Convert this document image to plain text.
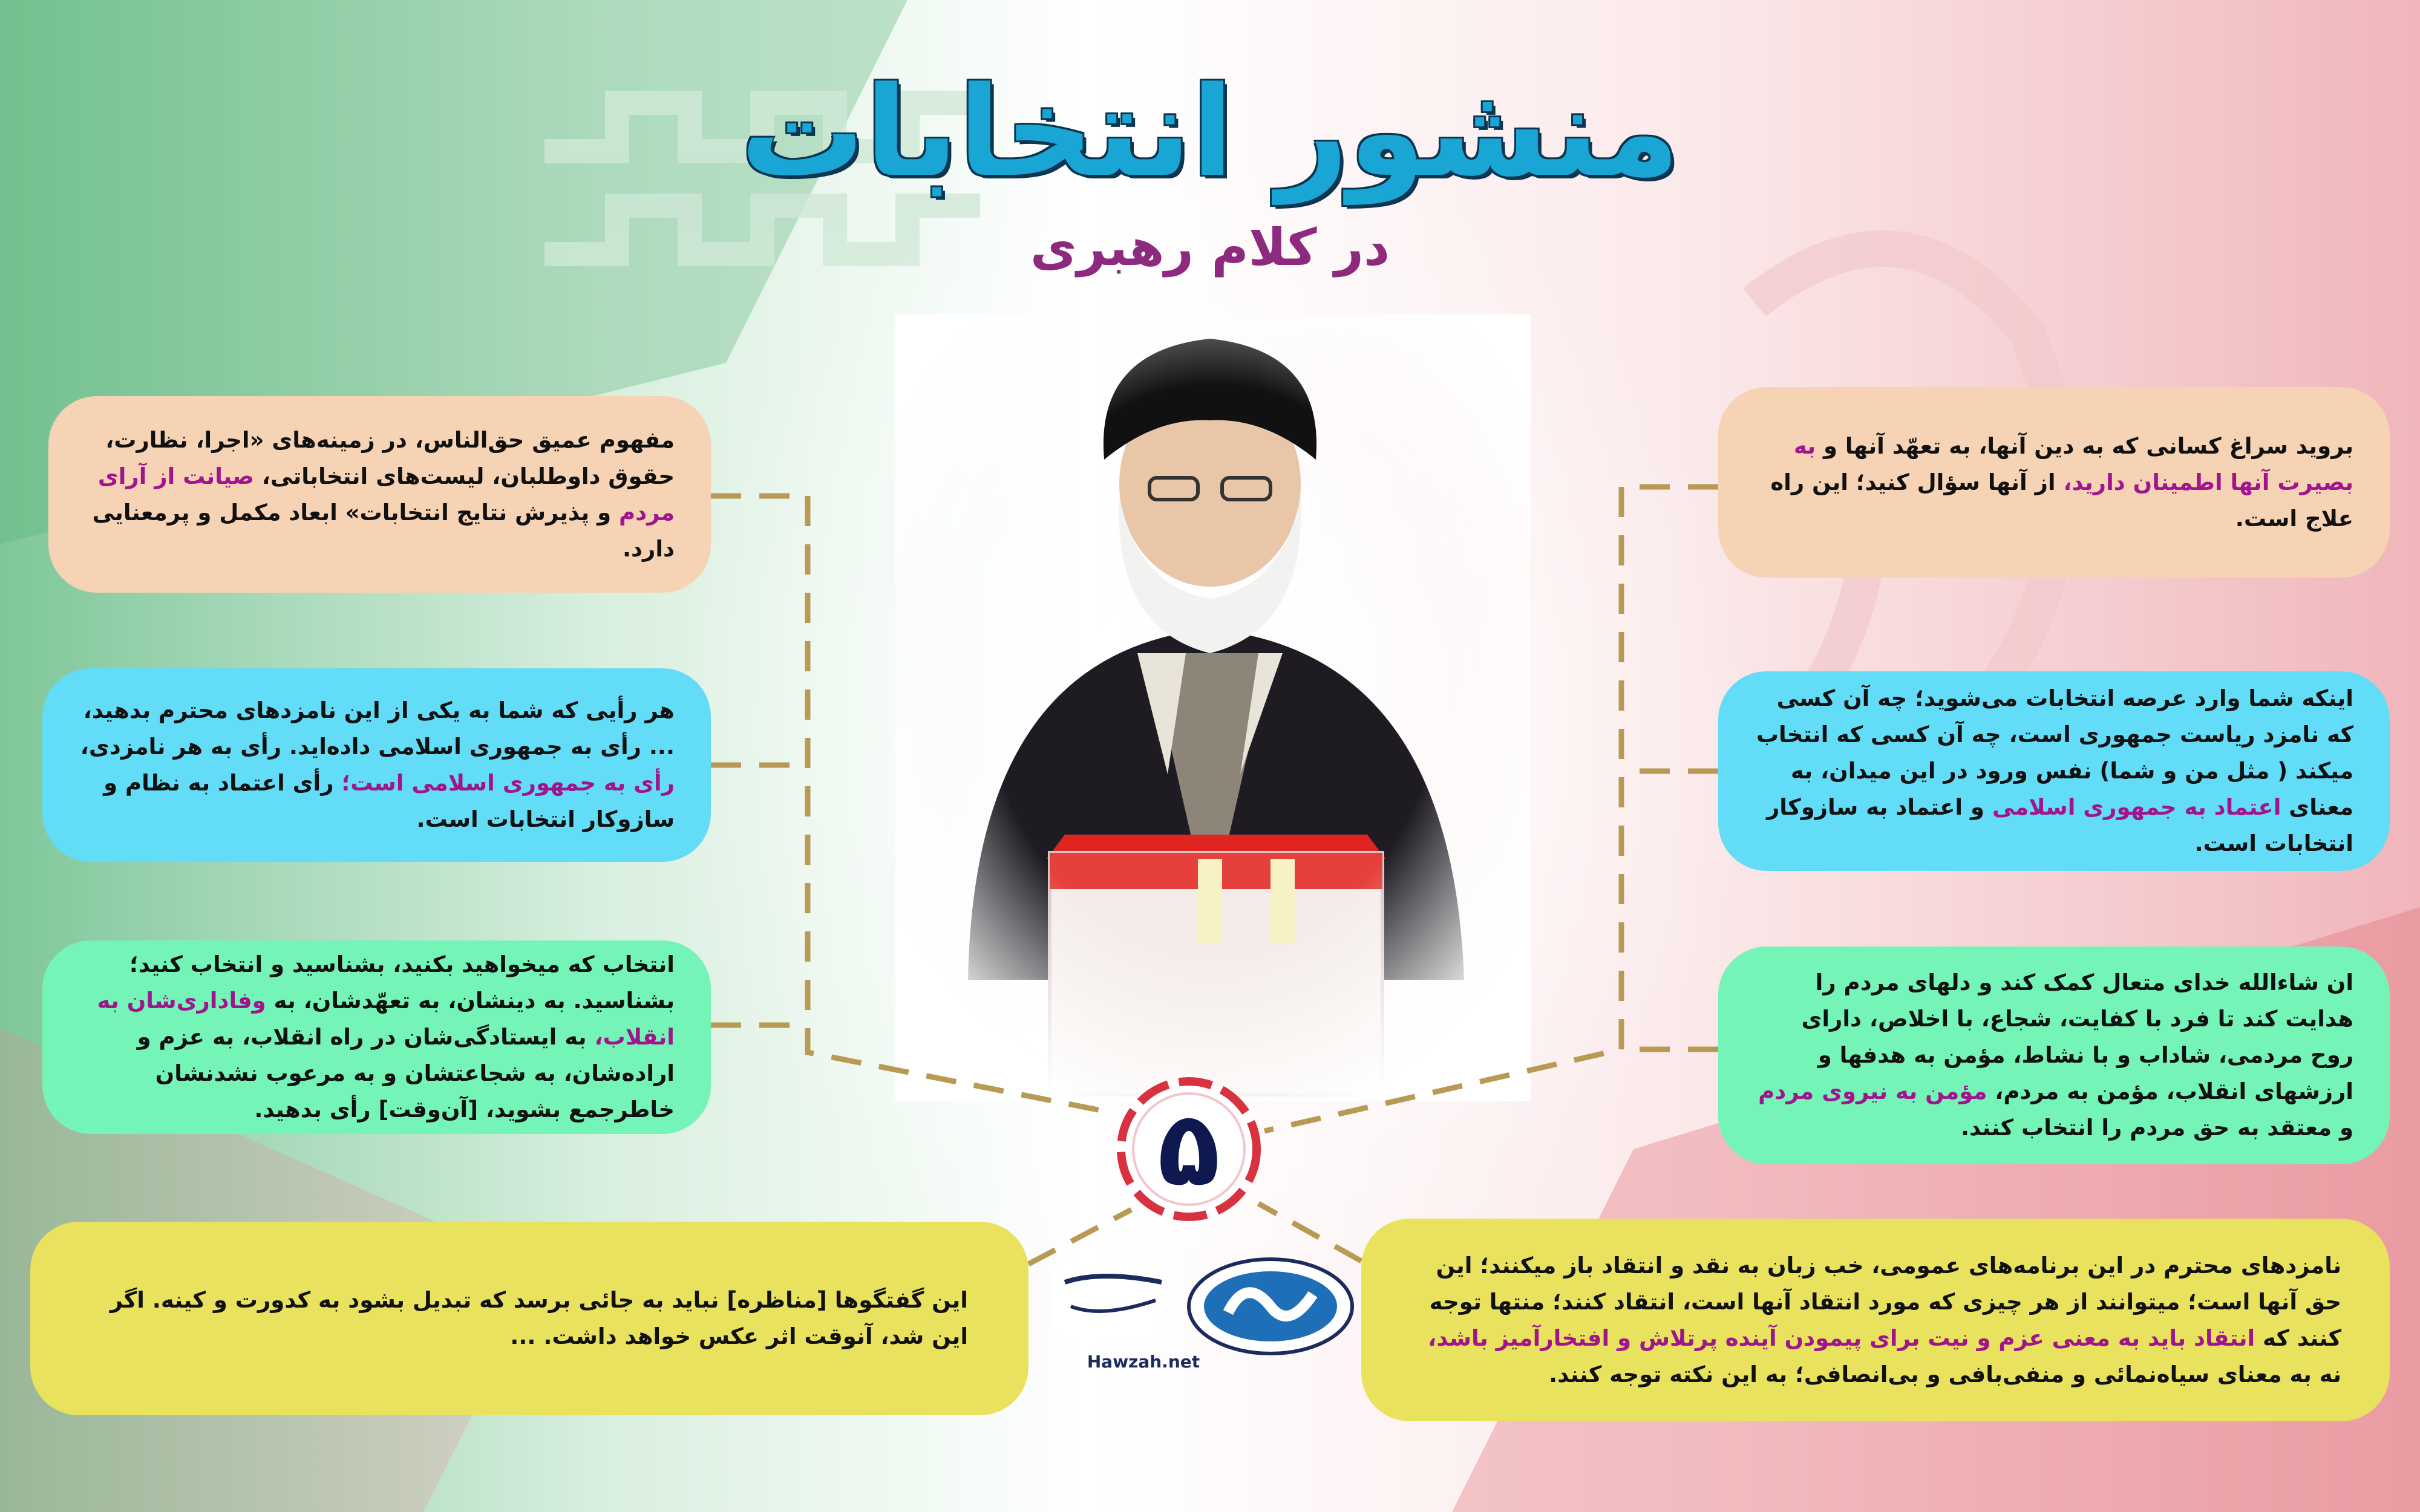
منشور انتخابات
در کلام رهبری

مفهوم عمیق حق‌الناس، در زمینه‌های «اجرا، نظارت، حقوق داوطلبان، لیست‌های انتخاباتی، صیانت از آرای مردم و پذیرش نتایج انتخابات» ابعاد مکمل و پرمعنایی دارد.

هر رأیی که شما به یکی از این نامزدهای محترم بدهید، ... رأی به جمهوری اسلامی داده‌اید. رأی به هر نامزدی، رأی به جمهوری اسلامی است؛ رأی اعتماد به نظام و سازوکار انتخابات است.

انتخاب که میخواهید بکنید، بشناسید و انتخاب کنید؛ بشناسید. به دینشان، به تعهّدشان، به وفاداری‌شان به انقلاب، به ایستادگی‌شان در راه انقلاب، به عزم و اراده‌شان، به شجاعتشان و به مرعوب نشدنشان خاطرجمع بشوید، [آن‌وقت] رأی بدهید.

این گفتگوها [مناظره] نباید به جائی برسد که تبدیل بشود به کدورت و کینه. اگر این شد، آنوقت اثر عکس خواهد داشت. ...

بروید سراغ کسانی که به دین آنها، به تعهّد آنها و به بصیرت آنها اطمینان دارید، از آنها سؤال کنید؛ این راه علاج است.

اینکه شما وارد عرصه انتخابات می‌شوید؛ چه آن کسی که نامزد ریاست جمهوری است، چه آن کسی که انتخاب میکند ( مثل من و شما) نفس ورود در این میدان، به معنای اعتماد به جمهوری اسلامی و اعتماد به سازوکار انتخابات است.

ان شاءالله خدای متعال کمک کند و دلهای مردم را هدایت کند تا فرد با کفایت، شجاع، با اخلاص، دارای روح مردمی، شاداب و با نشاط، مؤمن به هدفها و ارزشهای انقلاب، مؤمن به مردم، مؤمن به نیروی مردم و معتقد به حق مردم را انتخاب کنند.

نامزدهای محترم در این برنامه‌های عمومی، خب زبان به نقد و انتقاد باز میکنند؛ این حق آنها است؛ میتوانند از هر چیزی که مورد انتقاد آنها است، انتقاد کنند؛ منتها توجه کنند که انتقاد باید به معنی عزم و نیت برای پیمودن آینده پرتلاش و افتخارآمیز باشد، نه به معنای سیاه‌نمائی و منفی‌بافی و بی‌انصافی؛ به این نکته توجه کنند.

۵
Hawzah.net
